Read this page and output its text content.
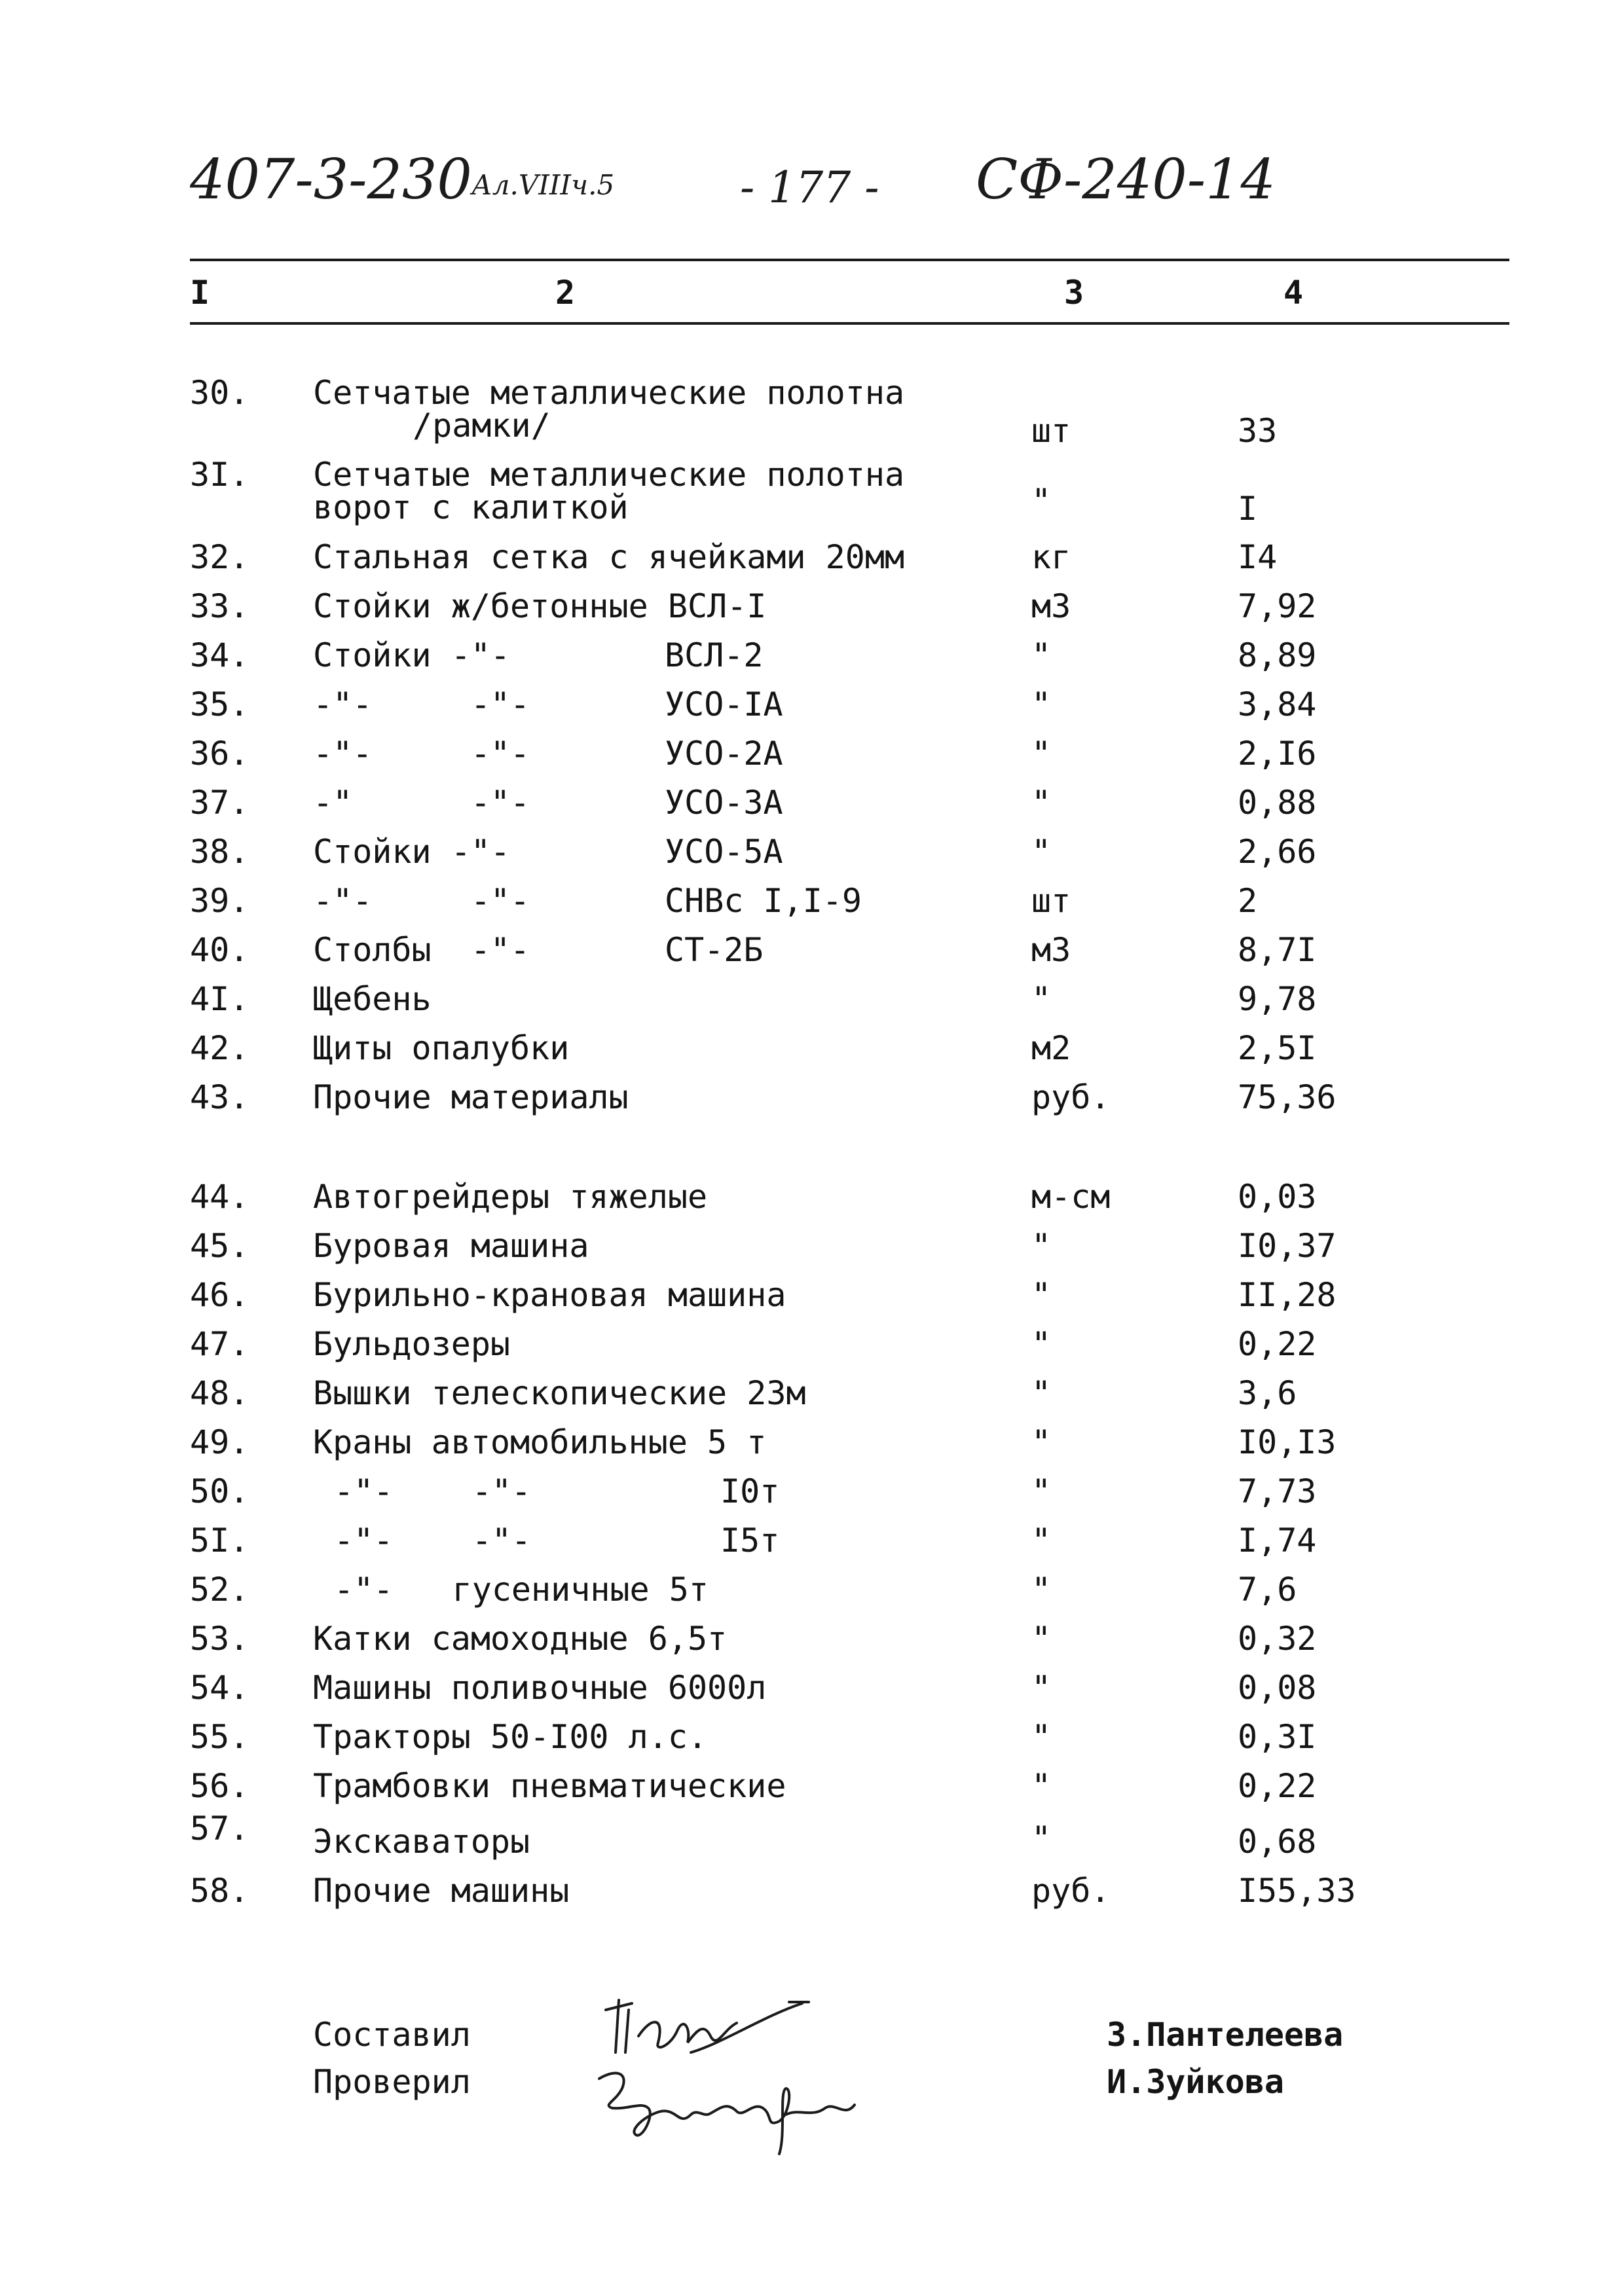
407-3-230 Ал.VIIIч.5	- 177 - СФ-240-14
I	2	3	4
30. Сетчатые металлические полотна
/рамки/	шт	33
3I. Сетчатые металлические полотна
ворот с калиткой	"	I
32. Стальная сетка с ячейками 20мм	кг	I4
33. Стойки ж/бетонные ВСЛ-I	м3	7,92
34. Стойки -"-	ВСЛ-2	"	8,89
35. -"-     -"-	УСО-IА	"	3,84
36. -"-     -"-	УСО-2А	"	2,I6
37. -"      -"-	УСО-3А	"	0,88
38. Стойки -"-	УСО-5А	"	2,66
39. -"-     -"-	СНВс I,I-9	шт	2
40. Столбы  -"-	СТ-2Б	м3	8,7I
4I. Щебень	"	9,78
42. Щиты опалубки	м2	2,5I
43. Прочие материалы	руб.	75,36
44. Автогрейдеры тяжелые	м-см	0,03
45. Буровая машина	"	I0,37
46. Бурильно-крановая машина	"	II,28
47. Бульдозеры	"	0,22
48. Вышки телескопические 23м	"	3,6
49. Краны автомобильные 5 т	"	I0,I3
50.	-"-    -"-	I0т	"	7,73
5I.	-"-    -"-	I5т	"	I,74
52.	-"-   гусеничные 5т	"	7,6
53. Катки самоходные 6,5т	"	0,32
54. Машины поливочные 6000л	"	0,08
55. Тракторы 50-I00 л.с.	"	0,3I
56. Трамбовки пневматические	"	0,22
57. Экскаваторы	"	0,68
58. Прочие машины	руб.	I55,33
Составил
Проверил
З.Пантелеева
И.Зуйкова
